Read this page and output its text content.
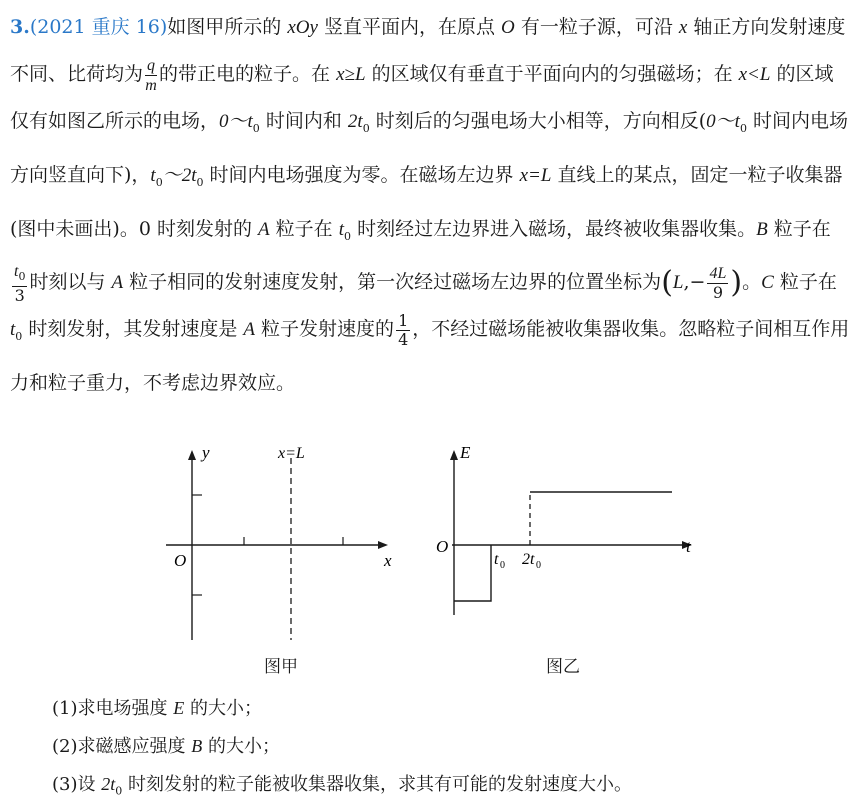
3.(2021 重庆 16)如图甲所示的 xOy 竖直平面内，在原点 O 有一粒子源，可沿 x 轴正方向发射速度不同、比荷均为 $\frac{q}{m}$ 的带正电的粒子。在 x≥L 的区域仅有垂直于平面向内的匀强磁场；在 x<L 的区域仅有如图乙所示的电场，$0\sim t_0$ 时间内和 $2t_0$ 时刻后的匀强电场大小相等，方向相反($0\sim t_0$ 时间内电场方向竖直向下)，$t_0\sim 2t_0$ 时间内电场强度为零。在磁场左边界 x=L 直线上的某点，固定一粒子收集器(图中未画出)。0 时刻发射的 A 粒子在 $t_0$ 时刻经过左边界进入磁场，最终被收集器收集。B 粒子在
$\frac{t_0}{3}$ 时刻以与 A 粒子相同的发射速度发射，第一次经过磁场左边界的位置坐标为($L,- \frac{4L}{9}$ )。C 粒子在 $t_0$ 时刻发射，其发射速度是 A 粒子发射速度的 $\frac{1}{4}$ ，不经过磁场能被收集器收集。忽略粒子间相互作用力和粒子重力，不考虑边界效应。

y
x
O
x=L
图甲
E
t
O
t 0 2t 0
图乙

(1)求电场强度 E 的大小；

(2)求磁感应强度 B 的大小；

(3)设 $2t_0$ 时刻发射的粒子能被收集器收集，求其有可能的发射速度大小。
